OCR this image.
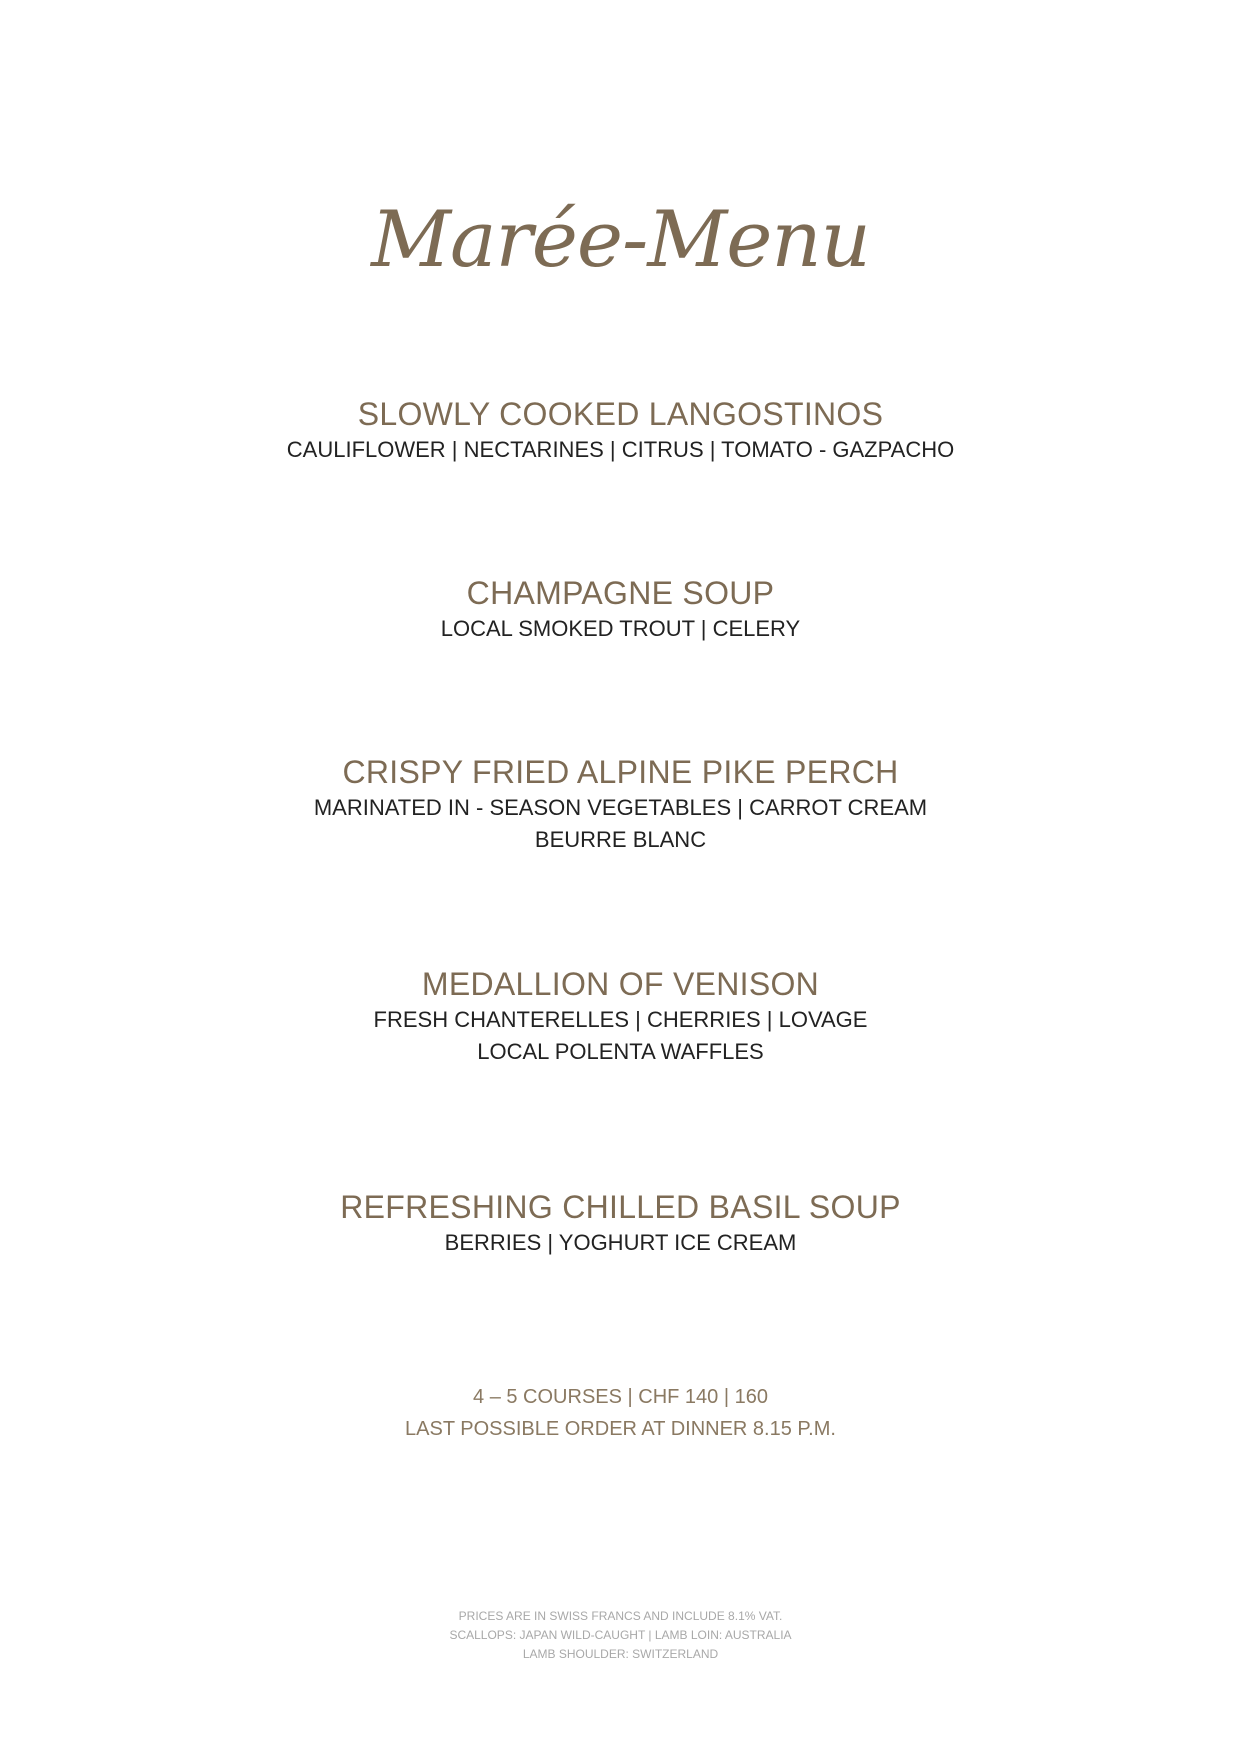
Marée-Menu
SLOWLY COOKED LANGOSTINOS
CAULIFLOWER | NECTARINES | CITRUS | TOMATO - GAZPACHO
CHAMPAGNE SOUP
LOCAL SMOKED TROUT | CELERY
CRISPY FRIED ALPINE PIKE PERCH
MARINATED IN - SEASON VEGETABLES | CARROT CREAM
BEURRE BLANC
MEDALLION OF VENISON
FRESH CHANTERELLES | CHERRIES | LOVAGE
LOCAL POLENTA WAFFLES
REFRESHING CHILLED BASIL SOUP
BERRIES | YOGHURT ICE CREAM
4 – 5 COURSES | CHF 140 | 160
LAST POSSIBLE ORDER AT DINNER 8.15 P.M.
PRICES ARE IN SWISS FRANCS AND INCLUDE 8.1% VAT.
SCALLOPS: JAPAN WILD-CAUGHT | LAMB LOIN: AUSTRALIA
LAMB SHOULDER: SWITZERLAND
